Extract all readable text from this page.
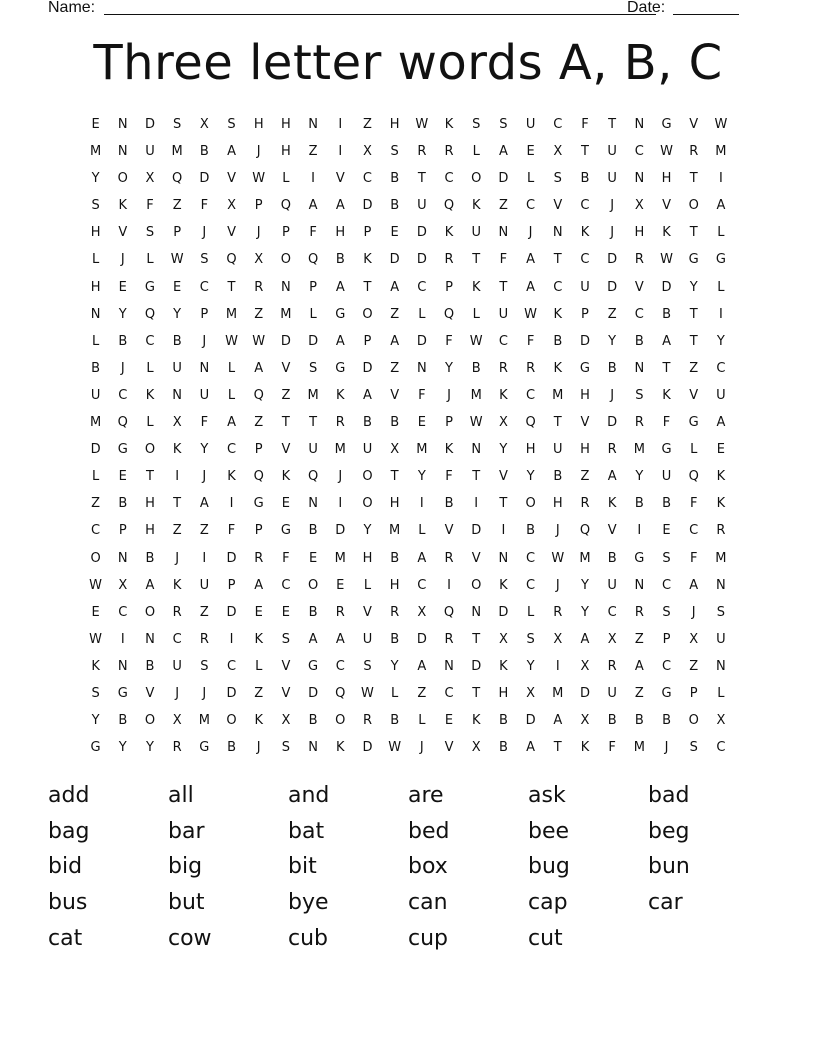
Name:	Date:
Three letter words A, B, C
E	N	D	S	X	S	H	H	N	I	Z	H	W	K	S	S	U	C	F	T	N	G	V	W
M	N	U	M	B	A	J	H	Z	I	X	S	R	R	L	A	E	X	T	U	C	W	R	M
Y	O	X	Q	D	V	W	L	I	V	C	B	T	C	O	D	L	S	B	U	N	H	T	I
S	K	F	Z	F	X	P	Q	A	A	D	B	U	Q	K	Z	C	V	C	J	X	V	O	A
H	V	S	P	J	V	J	P	F	H	P	E	D	K	U	N	J	N	K	J	H	K	T	L
L	J	L	W	S	Q	X	O	Q	B	K	D	D	R	T	F	A	T	C	D	R	W	G	G
H	E	G	E	C	T	R	N	P	A	T	A	C	P	K	T	A	C	U	D	V	D	Y	L
N	Y	Q	Y	P	M	Z	M	L	G	O	Z	L	Q	L	U	W	K	P	Z	C	B	T	I
L	B	C	B	J	W	W	D	D	A	P	A	D	F	W	C	F	B	D	Y	B	A	T	Y
B	J	L	U	N	L	A	V	S	G	D	Z	N	Y	B	R	R	K	G	B	N	T	Z	C
U	C	K	N	U	L	Q	Z	M	K	A	V	F	J	M	K	C	M	H	J	S	K	V	U
M	Q	L	X	F	A	Z	T	T	R	B	B	E	P	W	X	Q	T	V	D	R	F	G	A
D	G	O	K	Y	C	P	V	U	M	U	X	M	K	N	Y	H	U	H	R	M	G	L	E
L	E	T	I	J	K	Q	K	Q	J	O	T	Y	F	T	V	Y	B	Z	A	Y	U	Q	K
Z	B	H	T	A	I	G	E	N	I	O	H	I	B	I	T	O	H	R	K	B	B	F	K
C	P	H	Z	Z	F	P	G	B	D	Y	M	L	V	D	I	B	J	Q	V	I	E	C	R
O	N	B	J	I	D	R	F	E	M	H	B	A	R	V	N	C	W	M	B	G	S	F	M
W	X	A	K	U	P	A	C	O	E	L	H	C	I	O	K	C	J	Y	U	N	C	A	N
E	C	O	R	Z	D	E	E	B	R	V	R	X	Q	N	D	L	R	Y	C	R	S	J	S
W	I	N	C	R	I	K	S	A	A	U	B	D	R	T	X	S	X	A	X	Z	P	X	U
K	N	B	U	S	C	L	V	G	C	S	Y	A	N	D	K	Y	I	X	R	A	C	Z	N
S	G	V	J	J	D	Z	V	D	Q	W	L	Z	C	T	H	X	M	D	U	Z	G	P	L
Y	B	O	X	M	O	K	X	B	O	R	B	L	E	K	B	D	A	X	B	B	B	O	X
G	Y	Y	R	G	B	J	S	N	K	D	W	J	V	X	B	A	T	K	F	M	J	S	C
add	all	and	are	ask	bad
bag	bar	bat	bed	bee	beg
bid	big	bit	box	bug	bun
bus	but	bye	can	cap	car
cat	cow	cub	cup	cut
